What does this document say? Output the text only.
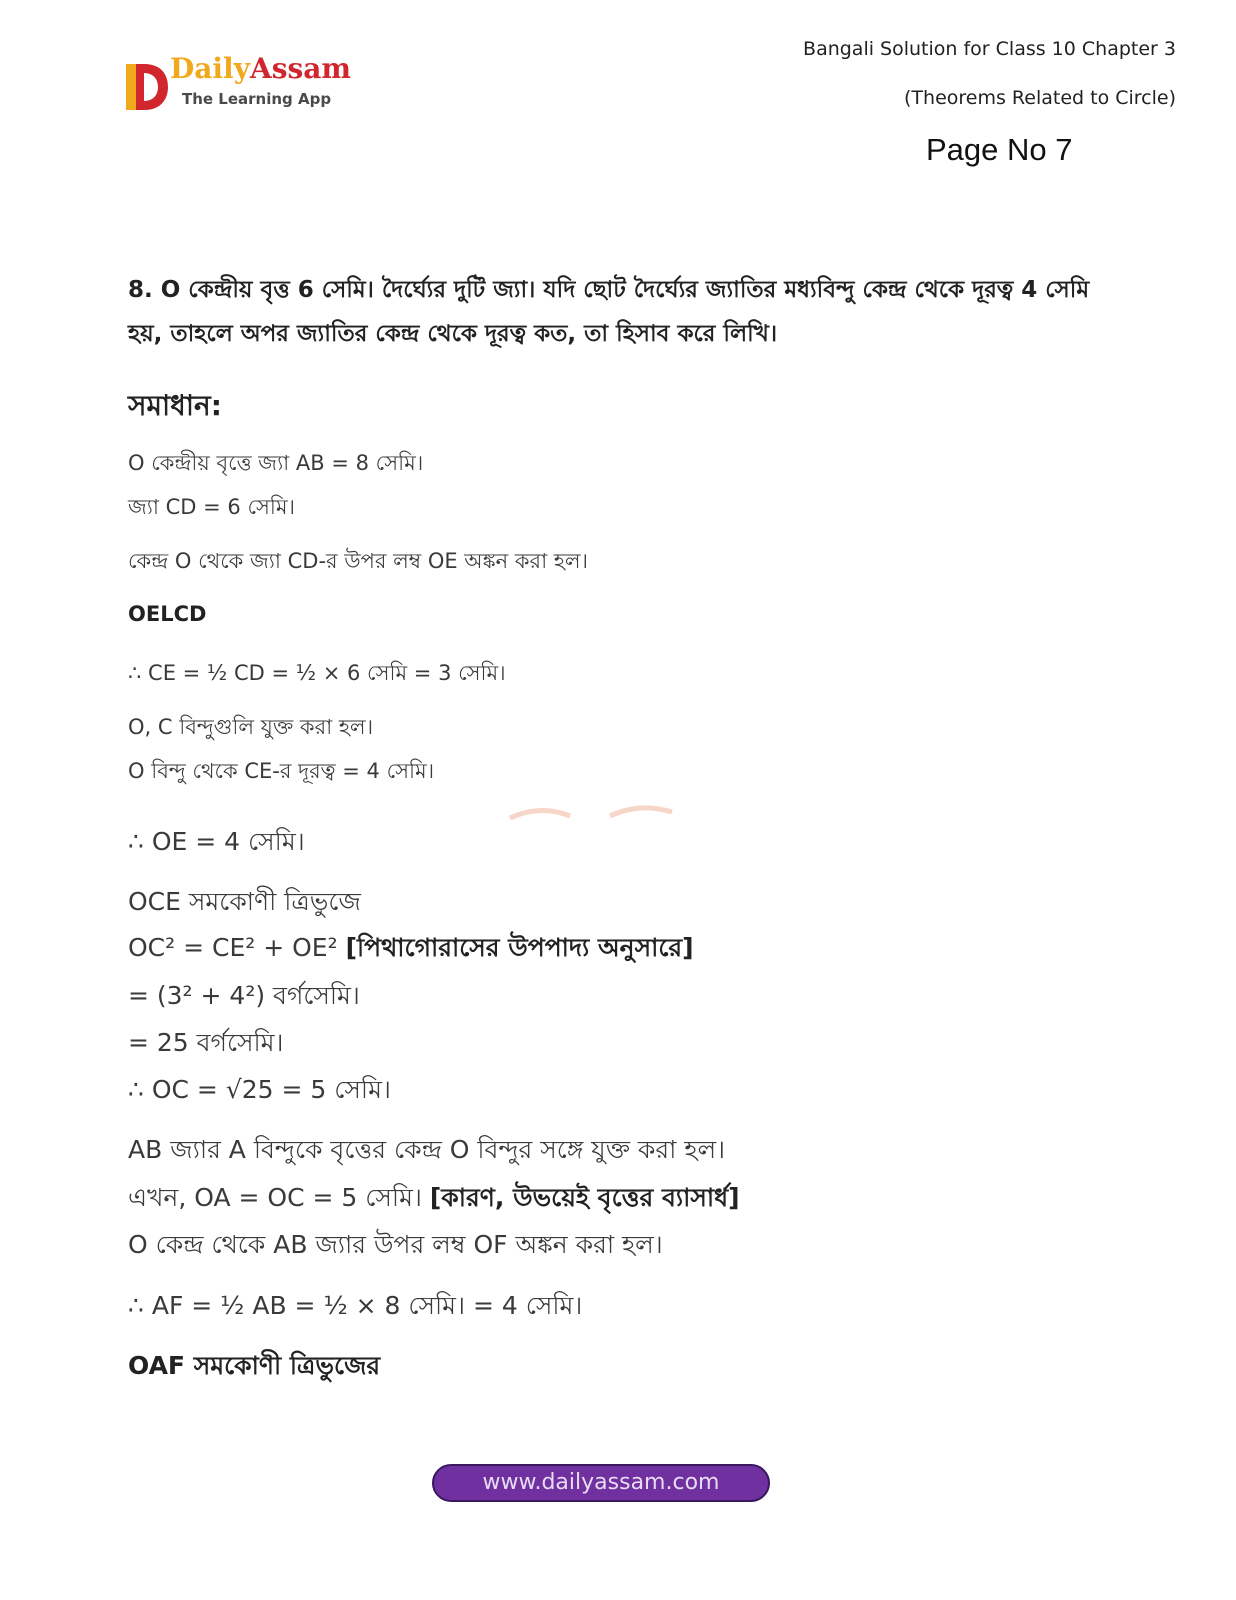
DailyAssam
The Learning App
Bangali Solution for Class 10 Chapter 3
(Theorems Related to Circle)
Page No 7
8. O কেন্দ্রীয় বৃত্ত 6 সেমি। দৈর্ঘ্যের দুটি জ্যা। যদি ছোট দৈর্ঘ্যের জ্যাতির মধ্যবিন্দু কেন্দ্র থেকে দূরত্ব 4 সেমি হয়, তাহলে অপর জ্যাতির কেন্দ্র থেকে দূরত্ব কত, তা হিসাব করে লিখি।
সমাধান:
O কেন্দ্রীয় বৃত্তে জ্যা AB = 8 সেমি।
জ্যা CD = 6 সেমি।
কেন্দ্র O থেকে জ্যা CD-র উপর লম্ব OE অঙ্কন করা হল।
OELCD
∴ CE = ½ CD = ½ × 6 সেমি = 3 সেমি।
O, C বিন্দুগুলি যুক্ত করা হল।
O বিন্দু থেকে CE-র দূরত্ব = 4 সেমি।
∴ OE = 4 সেমি।
OCE সমকোণী ত্রিভুজে
OC² = CE² + OE² [পিথাগোরাসের উপপাদ্য অনুসারে]
= (3² + 4²) বর্গসেমি।
= 25 বর্গসেমি।
∴ OC = √25 = 5 সেমি।
AB জ্যার A বিন্দুকে বৃত্তের কেন্দ্র O বিন্দুর সঙ্গে যুক্ত করা হল।
এখন, OA = OC = 5 সেমি। [কারণ, উভয়েই বৃত্তের ব্যাসার্ধ]
O কেন্দ্র থেকে AB জ্যার উপর লম্ব OF অঙ্কন করা হল।
∴ AF = ½ AB = ½ × 8 সেমি। = 4 সেমি।
OAF সমকোণী ত্রিভুজের
www.dailyassam.com
